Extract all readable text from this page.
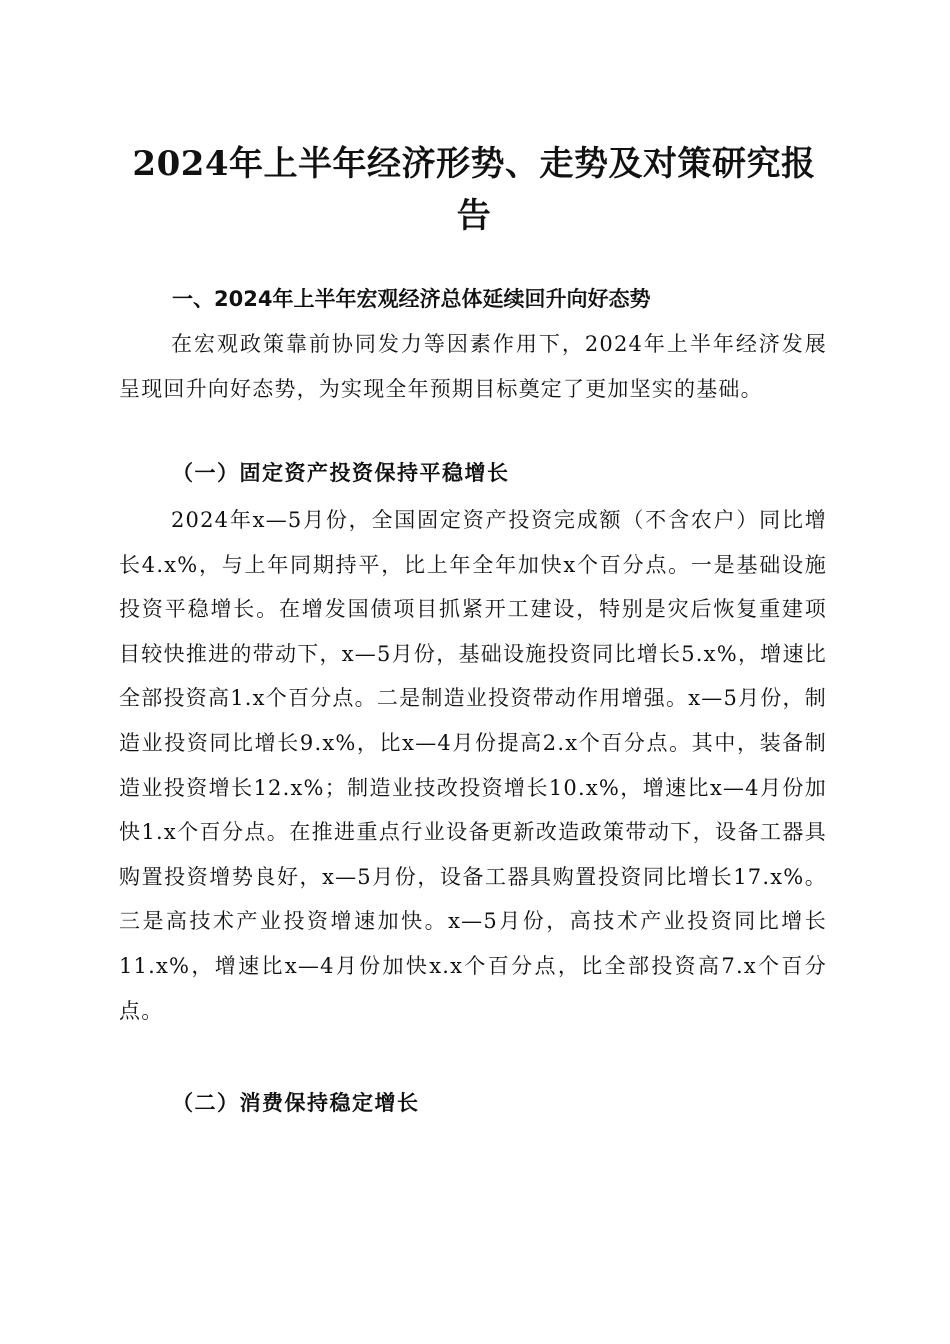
2024年上半年经济形势、走势及对策研究报告
一、2024年上半年宏观经济总体延续回升向好态势

在宏观政策靠前协同发力等因素作用下，2024年上半年经济发展呈现回升向好态势，为实现全年预期目标奠定了更加坚实的基础。

（一）固定资产投资保持平稳增长

2024年x—5月份，全国固定资产投资完成额（不含农户）同比增长4.x%，与上年同期持平，比上年全年加快x个百分点。一是基础设施投资平稳增长。在增发国债项目抓紧开工建设，特别是灾后恢复重建项目较快推进的带动下，x—5月份，基础设施投资同比增长5.x%，增速比全部投资高1.x个百分点。二是制造业投资带动作用增强。x—5月份，制造业投资同比增长9.x%，比x—4月份提高2.x个百分点。其中，装备制造业投资增长12.x%；制造业技改投资增长10.x%，增速比x—4月份加快1.x个百分点。在推进重点行业设备更新改造政策带动下，设备工器具购置投资增势良好，x—5月份，设备工器具购置投资同比增长17.x%。三是高技术产业投资增速加快。x—5月份，高技术产业投资同比增长11.x%，增速比x—4月份加快x.x个百分点，比全部投资高7.x个百分点。

（二）消费保持稳定增长
